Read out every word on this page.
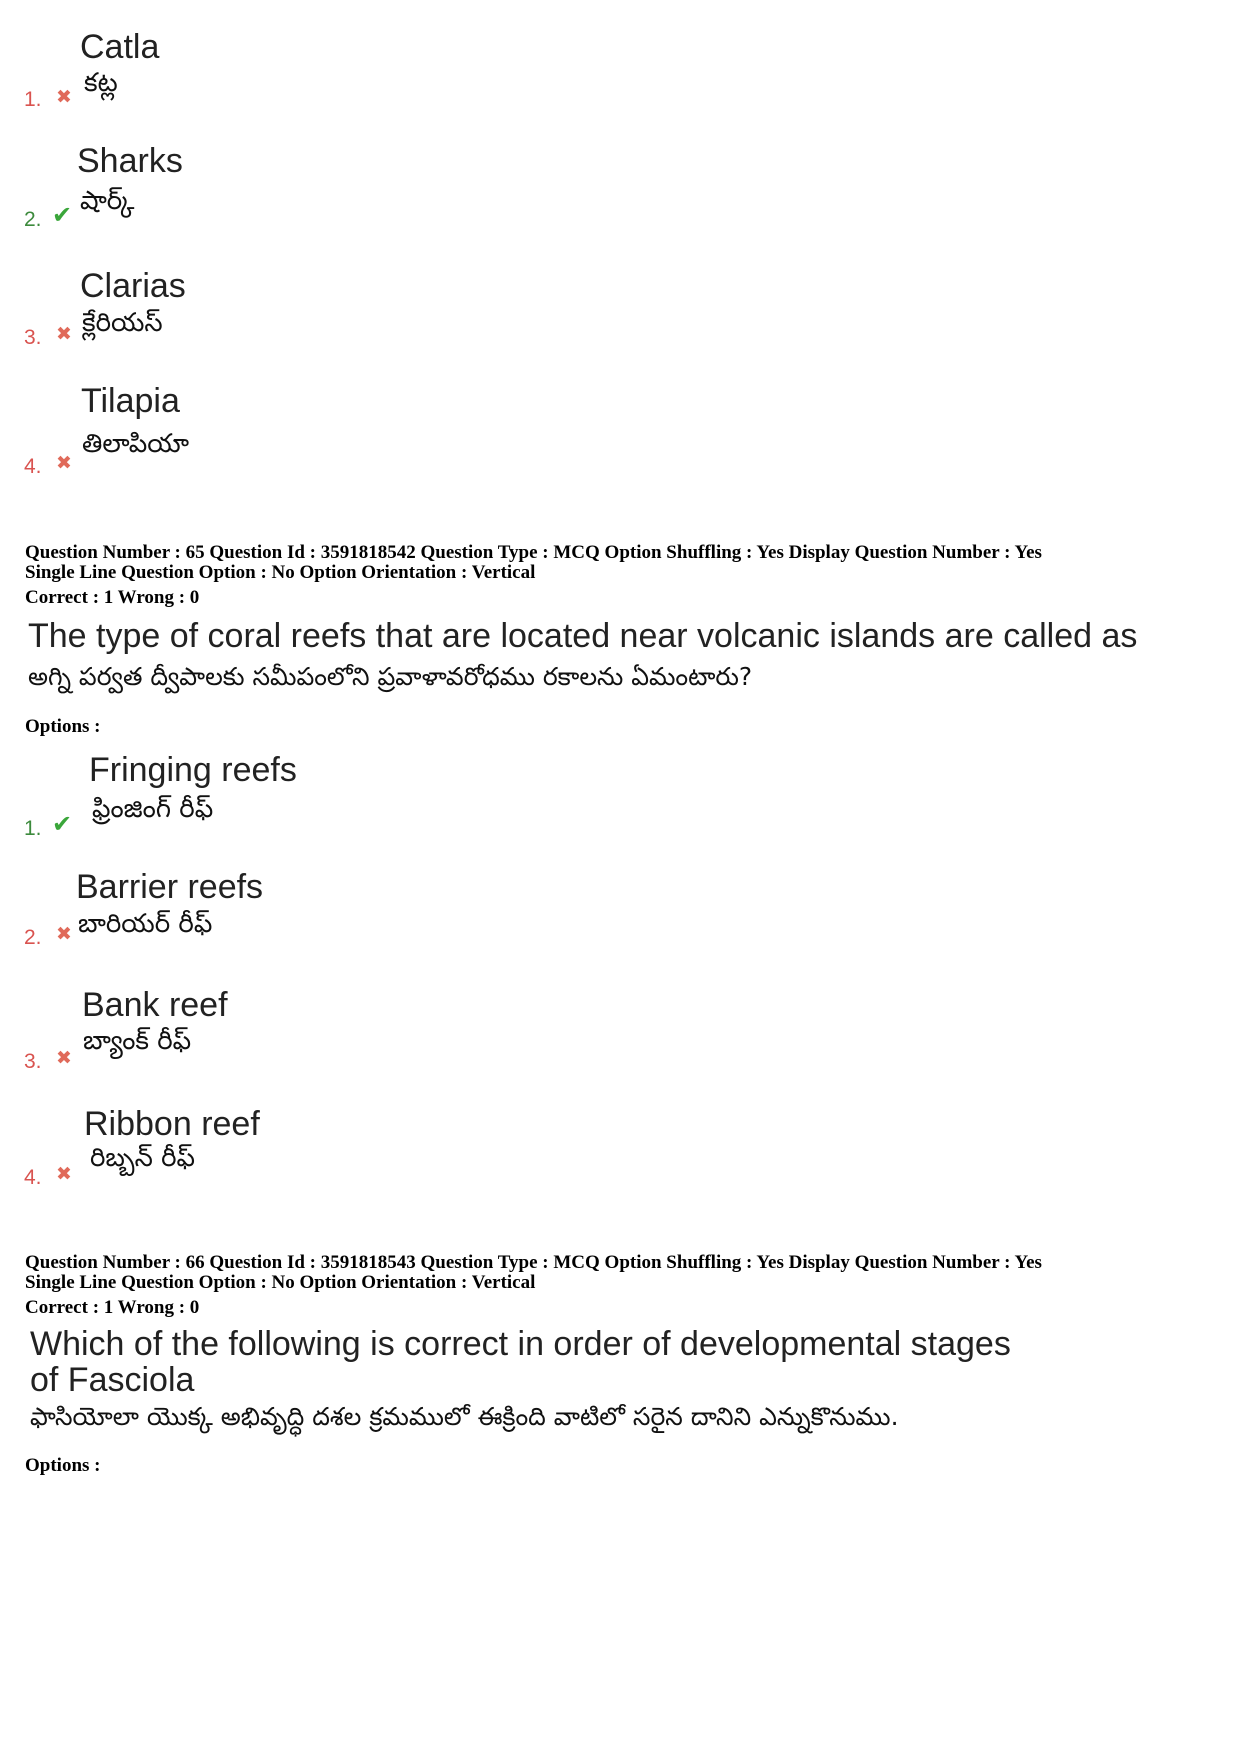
Catla
కట్ల
1. ✖
Sharks
షార్క్
2. ✔
Clarias
క్లేరియస్
3. ✖
Tilapia
తిలాపియా
4. ✖
Question Number : 65 Question Id : 3591818542 Question Type : MCQ Option Shuffling : Yes Display Question Number : Yes
Single Line Question Option : No Option Orientation : Vertical
Correct : 1 Wrong : 0
The type of coral reefs that are located near volcanic islands are called as
అగ్ని పర్వత ద్వీపాలకు సమీపంలోని ప్రవాళావరోధము రకాలను ఏమంటారు?
Options :
Fringing reefs
ఫ్రింజింగ్ రీఫ్
1. ✔
Barrier reefs
బారియర్ రీఫ్
2. ✖
Bank reef
బ్యాంక్ రీఫ్
3. ✖
Ribbon reef
రిబ్బన్ రీఫ్
4. ✖
Question Number : 66 Question Id : 3591818543 Question Type : MCQ Option Shuffling : Yes Display Question Number : Yes
Single Line Question Option : No Option Orientation : Vertical
Correct : 1 Wrong : 0
Which of the following is correct in order of developmental stages of Fasciola
ఫాసియోలా యొక్క అభివృద్ధి దశల క్రమములో ఈక్రింది వాటిలో సరైన దానిని ఎన్నుకొనుము.
Options :
